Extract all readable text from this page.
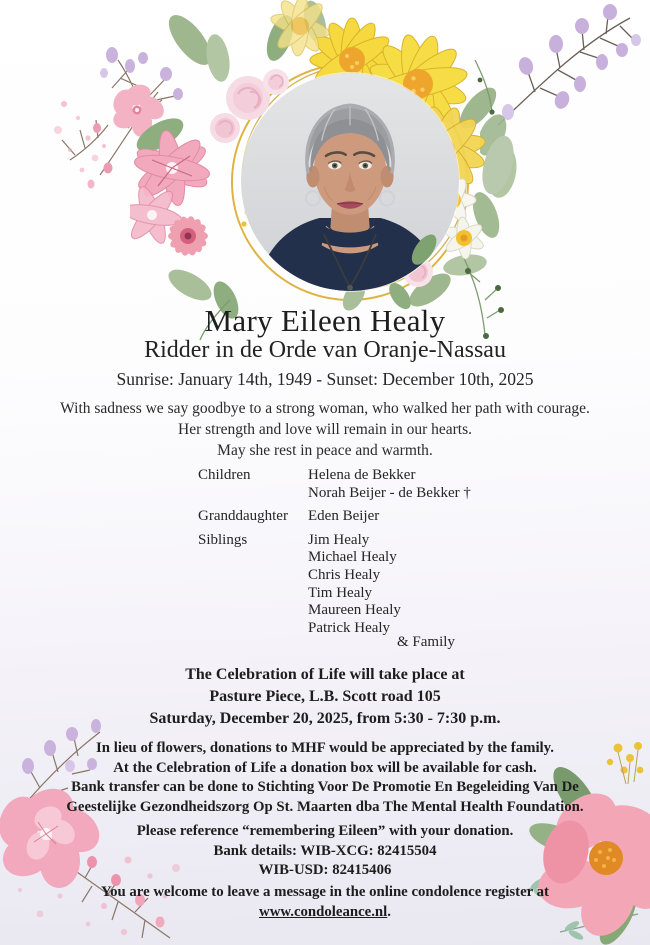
Mary Eileen Healy
Ridder in de Orde van Oranje-Nassau
Sunrise: January 14th, 1949 - Sunset: December 10th, 2025
With sadness we say goodbye to a strong woman, who walked her path with courage.
Her strength and love will remain in our hearts.
May she rest in peace and warmth.
Children	Helena de Bekker
Norah Beijer - de Bekker †
Granddaughter	Eden Beijer
Siblings	Jim Healy
Michael Healy
Chris Healy
Tim Healy
Maureen Healy
Patrick Healy
& Family
The Celebration of Life will take place at
Pasture Piece, L.B. Scott road 105
Saturday, December 20, 2025, from 5:30 - 7:30 p.m.
In lieu of flowers, donations to MHF would be appreciated by the family.
At the Celebration of Life a donation box will be available for cash.
Bank transfer can be done to Stichting Voor De Promotie En Begeleiding Van De
Geestelijke Gezondheidszorg Op St. Maarten dba The Mental Health Foundation.
Please reference “remembering Eileen” with your donation.
Bank details: WIB-XCG: 82415504
WIB-USD: 82415406
You are welcome to leave a message in the online condolence register at
www.condoleance.nl.
